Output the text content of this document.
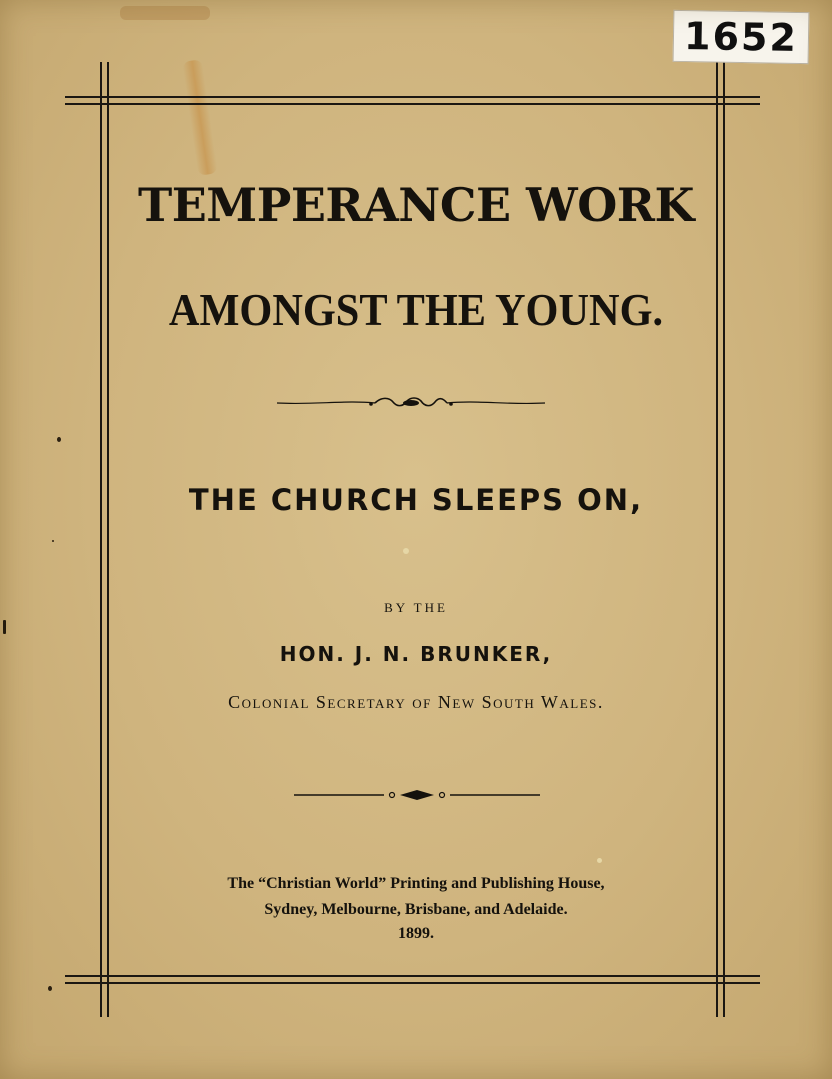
1652
TEMPERANCE WORK
AMONGST THE YOUNG.
THE CHURCH SLEEPS ON,
BY THE
HON. J. N. BRUNKER,
Colonial Secretary of New South Wales.
The “Christian World” Printing and Publishing House,
Sydney, Melbourne, Brisbane, and Adelaide.
1899.
